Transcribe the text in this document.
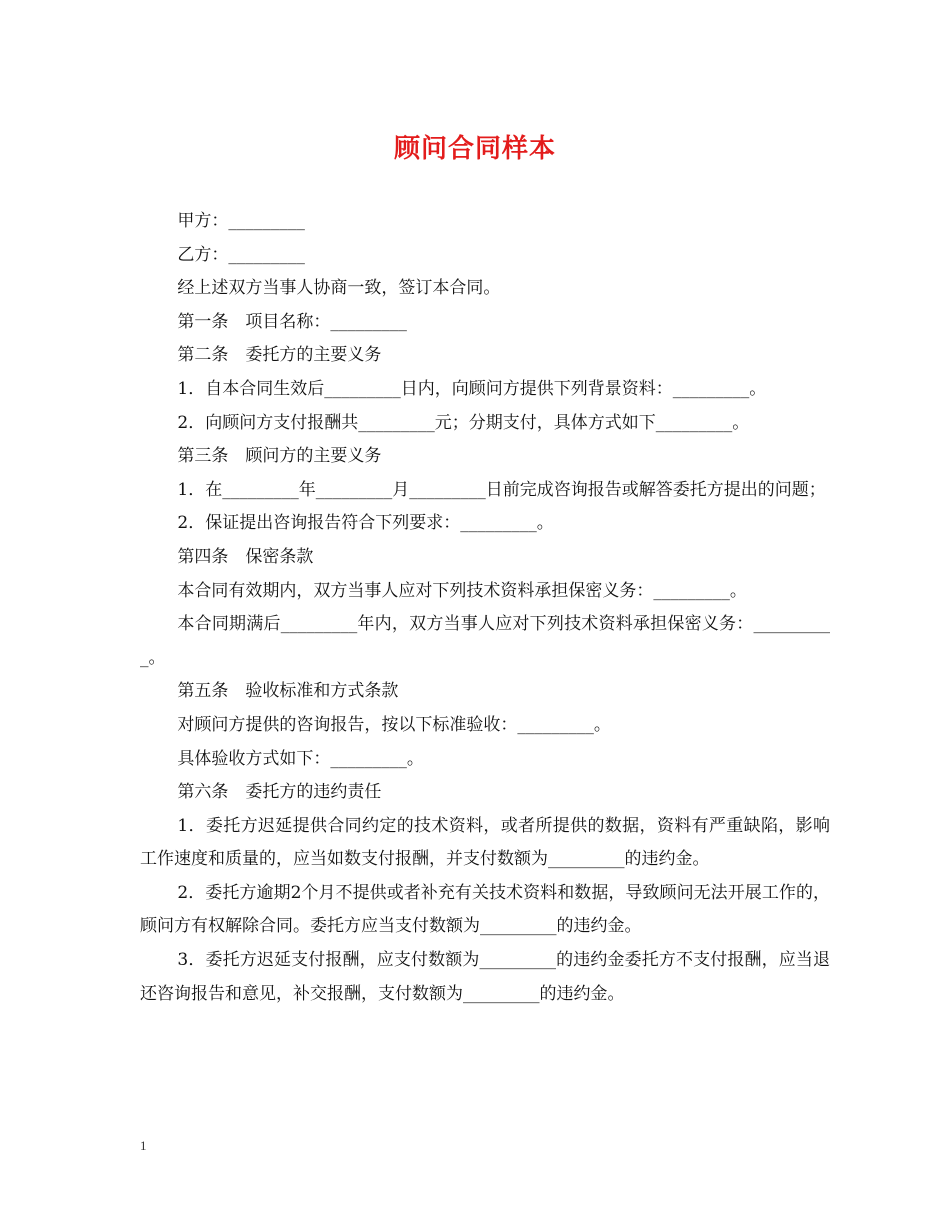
顾问合同样本

甲方：_________

乙方：_________

经上述双方当事人协商一致，签订本合同。

第一条　项目名称：_________

第二条　委托方的主要义务

1．自本合同生效后_________日内，向顾问方提供下列背景资料：_________。

2．向顾问方支付报酬共_________元；分期支付，具体方式如下_________。

第三条　顾问方的主要义务

1．在_________年_________月_________日前完成咨询报告或解答委托方提出的问题；

2．保证提出咨询报告符合下列要求：_________。

第四条　保密条款

本合同有效期内，双方当事人应对下列技术资料承担保密义务：_________。

本合同期满后_________年内，双方当事人应对下列技术资料承担保密义务：__________。

第五条　验收标准和方式条款

对顾问方提供的咨询报告，按以下标准验收：_________。

具体验收方式如下：_________。

第六条　委托方的违约责任

1．委托方迟延提供合同约定的技术资料，或者所提供的数据，资料有严重缺陷，影响工作速度和质量的，应当如数支付报酬，并支付数额为_________的违约金。

2．委托方逾期2个月不提供或者补充有关技术资料和数据，导致顾问无法开展工作的，顾问方有权解除合同。委托方应当支付数额为_________的违约金。

3．委托方迟延支付报酬，应支付数额为_________的违约金委托方不支付报酬，应当退还咨询报告和意见，补交报酬，支付数额为_________的违约金。

1
